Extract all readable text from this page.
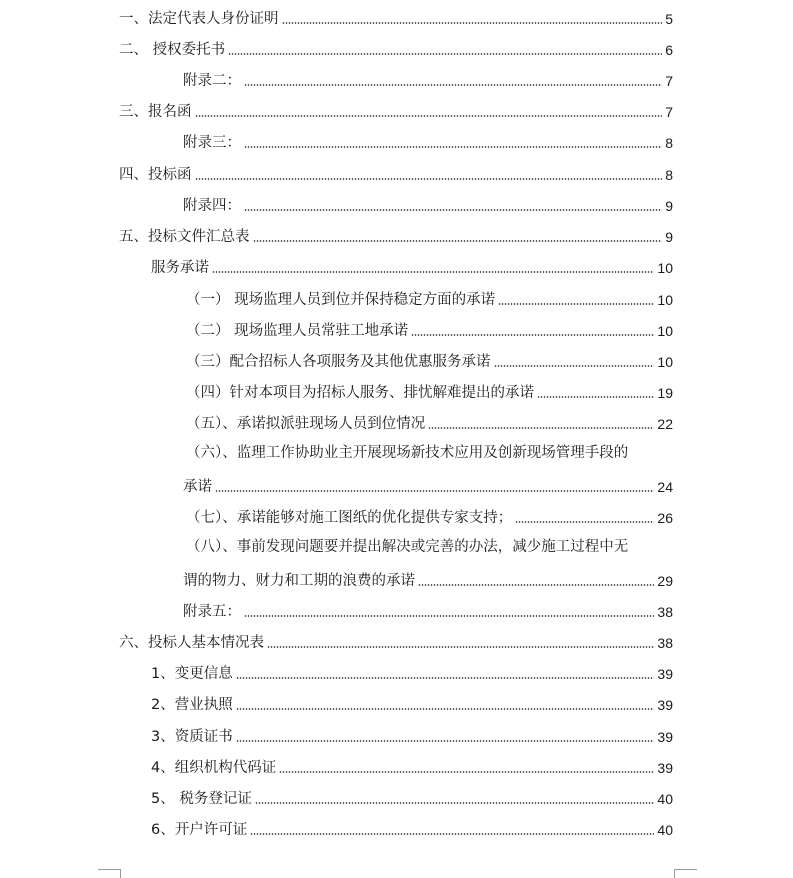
一、法定代表人身份证明	5
二、 授权委托书	6
附录二：	7
三、报名函	7
附录三：	8
四、投标函	8
附录四：	9
五、投标文件汇总表	9
服务承诺	10
（一） 现场监理人员到位并保持稳定方面的承诺	10
（二） 现场监理人员常驻工地承诺	10
（三）配合招标人各项服务及其他优惠服务承诺	10
（四）针对本项目为招标人服务、排忧解难提出的承诺	19
（五）、承诺拟派驻现场人员到位情况	22
（六）、监理工作协助业主开展现场新技术应用及创新现场管理手段的
承诺	24
（七）、承诺能够对施工图纸的优化提供专家支持；	26
（八）、事前发现问题要并提出解决或完善的办法，减少施工过程中无
谓的物力、财力和工期的浪费的承诺	29
附录五：	38
六、投标人基本情况表	38
1、变更信息	39
2、营业执照	39
3、资质证书	39
4、组织机构代码证	39
5、 税务登记证	40
6、开户许可证	40
